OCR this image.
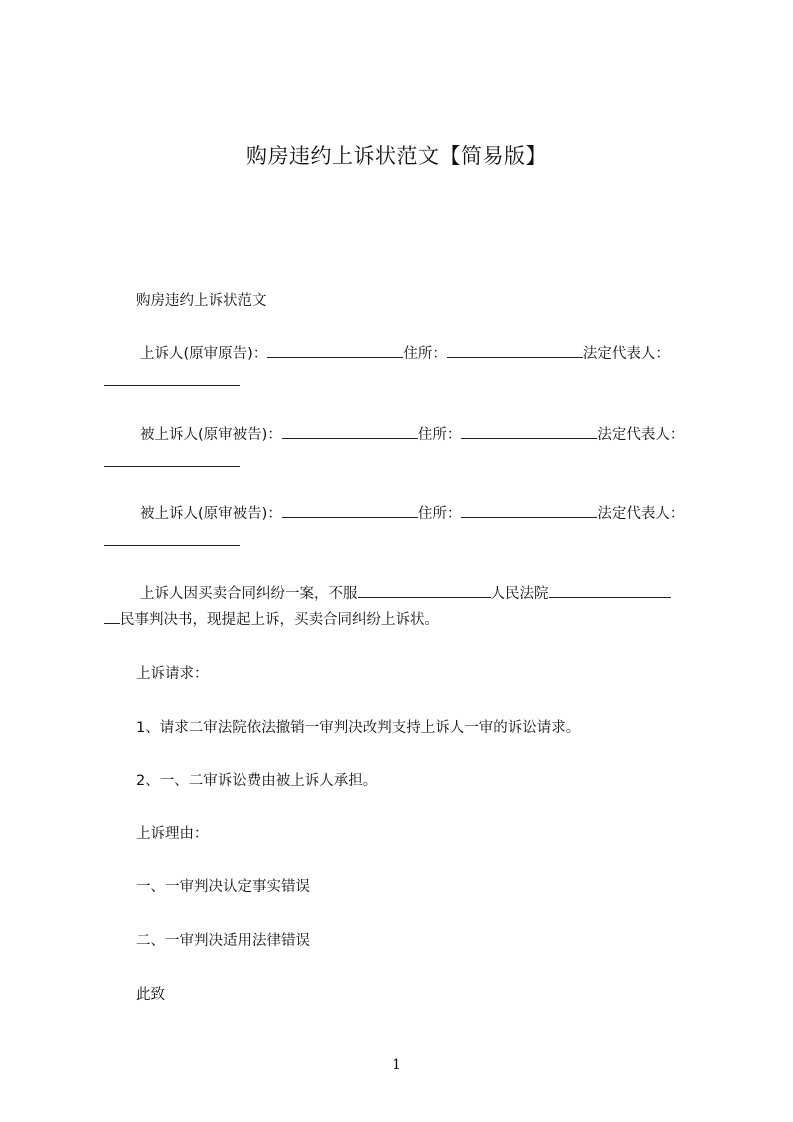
购房违约上诉状范文【简易版】

购房违约上诉状范文

上诉人(原审原告)：	住所：	法定代表人：
被上诉人(原审被告)：	住所：	法定代表人：
被上诉人(原审被告)：	住所：	法定代表人：
上诉人因买卖合同纠纷一案，不服	人民法院
民事判决书，现提起上诉，买卖合同纠纷上诉状。

上诉请求：

1、请求二审法院依法撤销一审判决改判支持上诉人一审的诉讼请求。

2、一、二审诉讼费由被上诉人承担。

上诉理由：

一、一审判决认定事实错误

二、一审判决适用法律错误

此致

1
